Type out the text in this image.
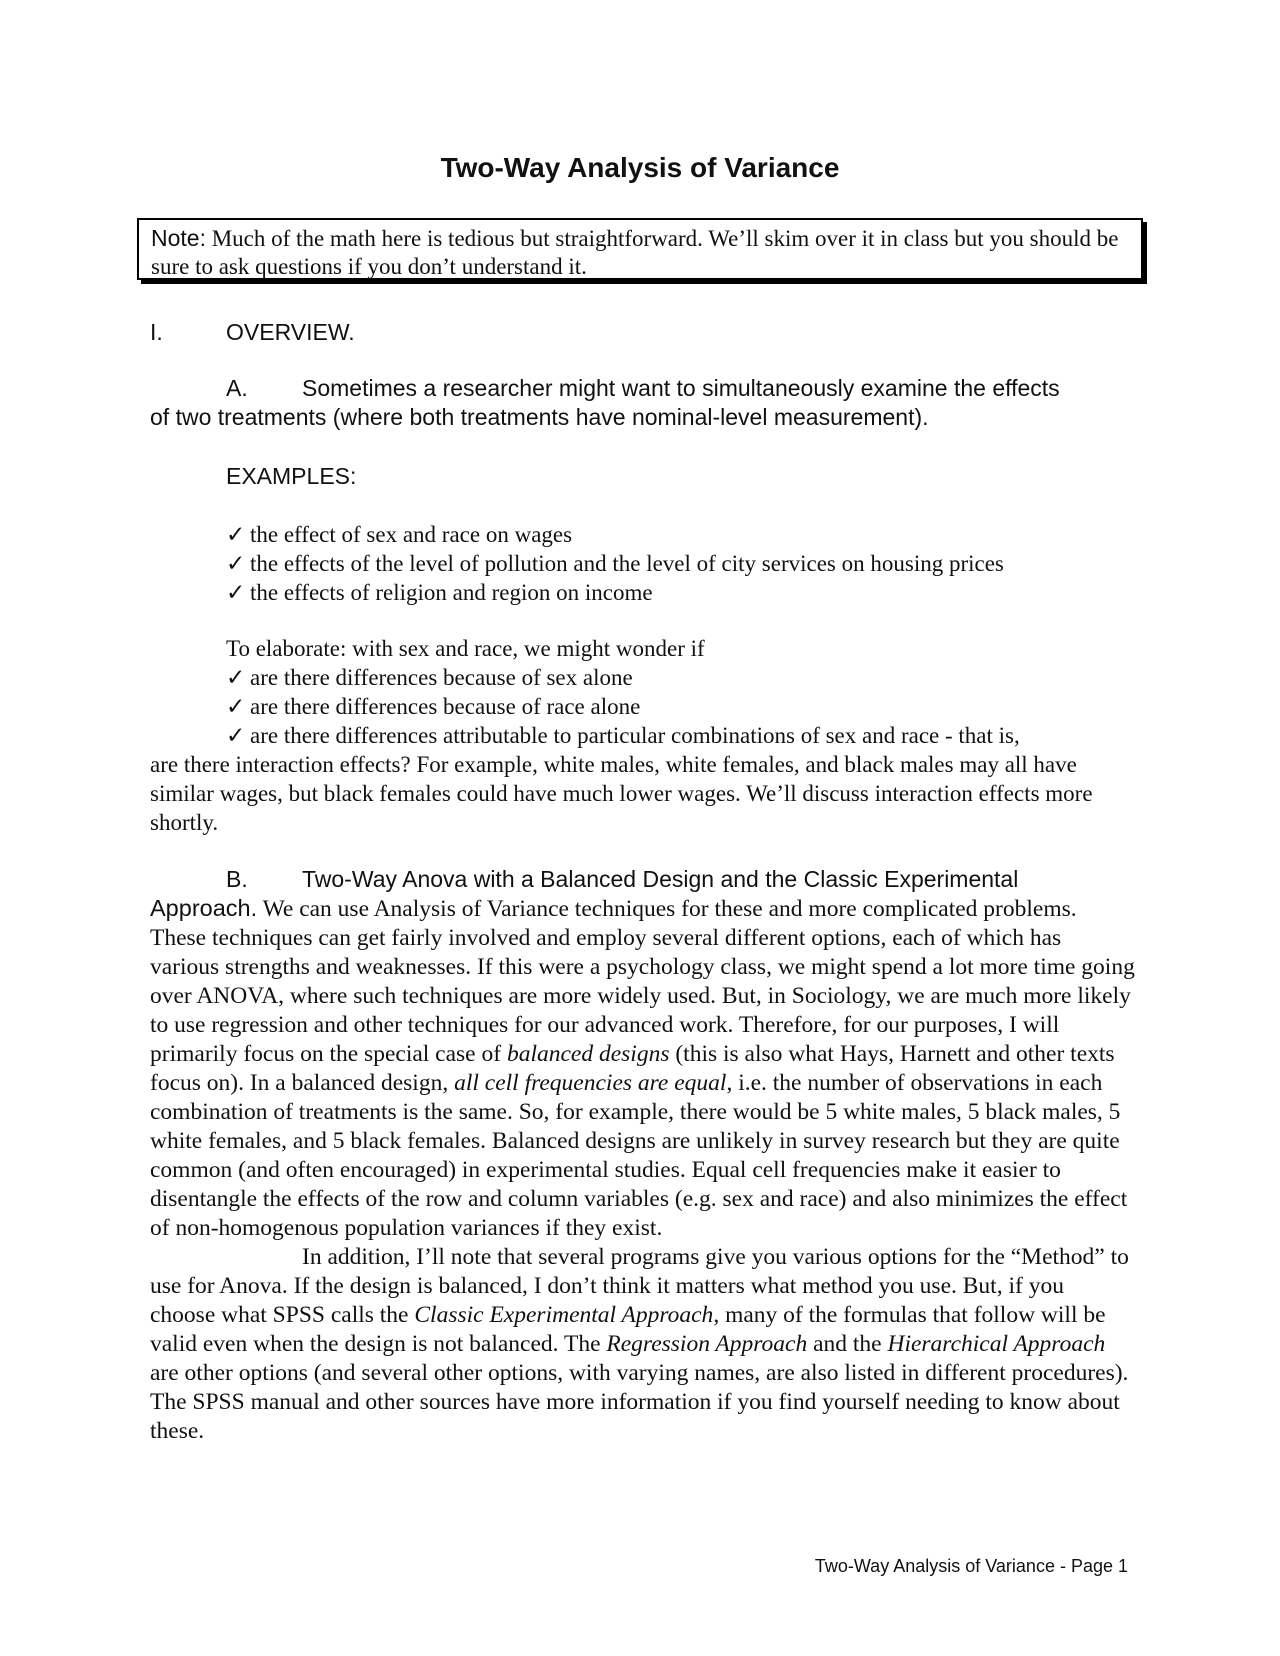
Two-Way Analysis of Variance
Note: Much of the math here is tedious but straightforward. We’ll skim over it in class but you should be sure to ask questions if you don’t understand it.
I.	OVERVIEW.
A. Sometimes a researcher might want to simultaneously examine the effects
of two treatments (where both treatments have nominal-level measurement).
EXAMPLES:
✓ the effect of sex and race on wages
✓ the effects of the level of pollution and the level of city services on housing prices
✓ the effects of religion and region on income
To elaborate: with sex and race, we might wonder if
✓ are there differences because of sex alone
✓ are there differences because of race alone
✓ are there differences attributable to particular combinations of sex and race - that is,
are there interaction effects? For example, white males, white females, and black males may all have similar wages, but black females could have much lower wages. We’ll discuss interaction effects more shortly.
B. Two-Way Anova with a Balanced Design and the Classic Experimental
Approach. We can use Analysis of Variance techniques for these and more complicated problems. These techniques can get fairly involved and employ several different options, each of which has various strengths and weaknesses. If this were a psychology class, we might spend a lot more time going over ANOVA, where such techniques are more widely used. But, in Sociology, we are much more likely to use regression and other techniques for our advanced work. Therefore, for our purposes, I will primarily focus on the special case of balanced designs (this is also what Hays, Harnett and other texts focus on). In a balanced design, all cell frequencies are equal, i.e. the number of observations in each combination of treatments is the same. So, for example, there would be 5 white males, 5 black males, 5 white females, and 5 black females. Balanced designs are unlikely in survey research but they are quite common (and often encouraged) in experimental studies. Equal cell frequencies make it easier to disentangle the effects of the row and column variables (e.g. sex and race) and also minimizes the effect of non-homogenous population variances if they exist.
In addition, I’ll note that several programs give you various options for the “Method” to use for Anova. If the design is balanced, I don’t think it matters what method you use. But, if you choose what SPSS calls the Classic Experimental Approach, many of the formulas that follow will be valid even when the design is not balanced. The Regression Approach and the Hierarchical Approach are other options (and several other options, with varying names, are also listed in different procedures). The SPSS manual and other sources have more information if you find yourself needing to know about these.
Two-Way Analysis of Variance - Page 1
